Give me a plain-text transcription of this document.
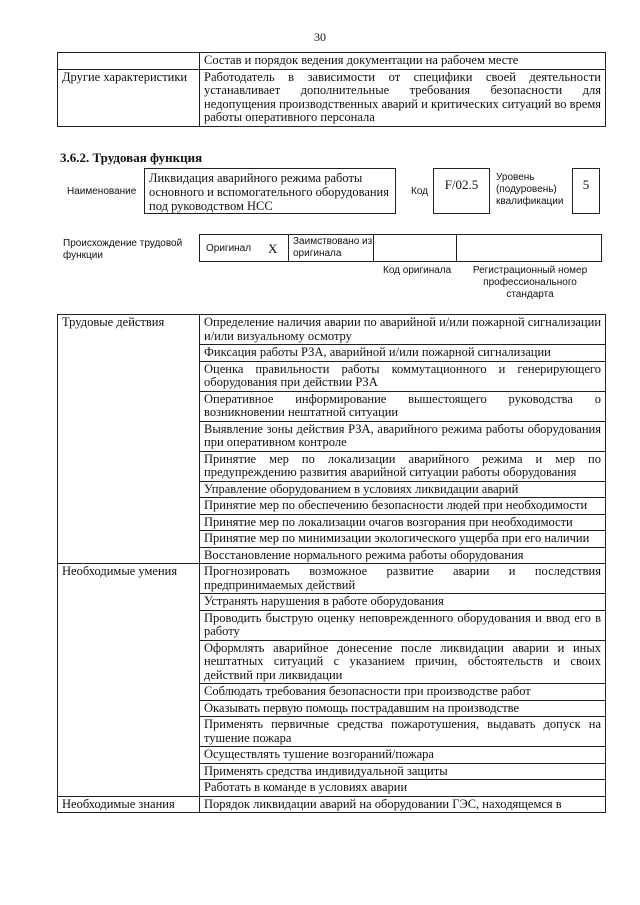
30
	Состав и порядок ведения документации на рабочем месте
Другие характеристики	Работодатель в зависимости от специфики своей деятельности устанавливает дополнительные требования безопасности для недопущения производственных аварий и критических ситуаций во время работы оперативного персонала
3.6.2. Трудовая функция
Наименование
Ликвидация аварийного режима работы основного и вспомогательного оборудования под руководством НСС
Код	F/02.5	Уровень (подуровень) квалификации
5
Происхождение трудовой функции
Оригинал X Заимствовано из оригинала
Код оригинала Регистрационный номер профессионального стандарта
Трудовые действия	Определение наличия аварии по аварийной и/или пожарной сигнализации и/или визуальному осмотру
	Фиксация работы РЗА, аварийной и/или пожарной сигнализации
	Оценка правильности работы коммутационного и генерирующего оборудования при действии РЗА
	Оперативное информирование вышестоящего руководства о возникновении нештатной ситуации
	Выявление зоны действия РЗА, аварийного режима работы оборудования при оперативном контроле
	Принятие мер по локализации аварийного режима и мер по предупреждению развития аварийной ситуации работы оборудования
	Управление оборудованием в условиях ликвидации аварий
	Принятие мер по обеспечению безопасности людей при необходимости
	Принятие мер по локализации очагов возгорания при необходимости
	Принятие мер по минимизации экологического ущерба при его наличии
	Восстановление нормального режима работы оборудования
Необходимые умения	Прогнозировать возможное развитие аварии и последствия предпринимаемых действий
	Устранять нарушения в работе оборудования
	Проводить быструю оценку неповрежденного оборудования и ввод его в работу
	Оформлять аварийное донесение после ликвидации аварии и иных нештатных ситуаций с указанием причин, обстоятельств и своих действий при ликвидации
	Соблюдать требования безопасности при производстве работ
	Оказывать первую помощь пострадавшим на производстве
	Применять первичные средства пожаротушения, выдавать допуск на тушение пожара
	Осуществлять тушение возгораний/пожара
	Применять средства индивидуальной защиты
	Работать в команде в условиях аварии
Необходимые знания	Порядок ликвидации аварий на оборудовании ГЭС, находящемся в
